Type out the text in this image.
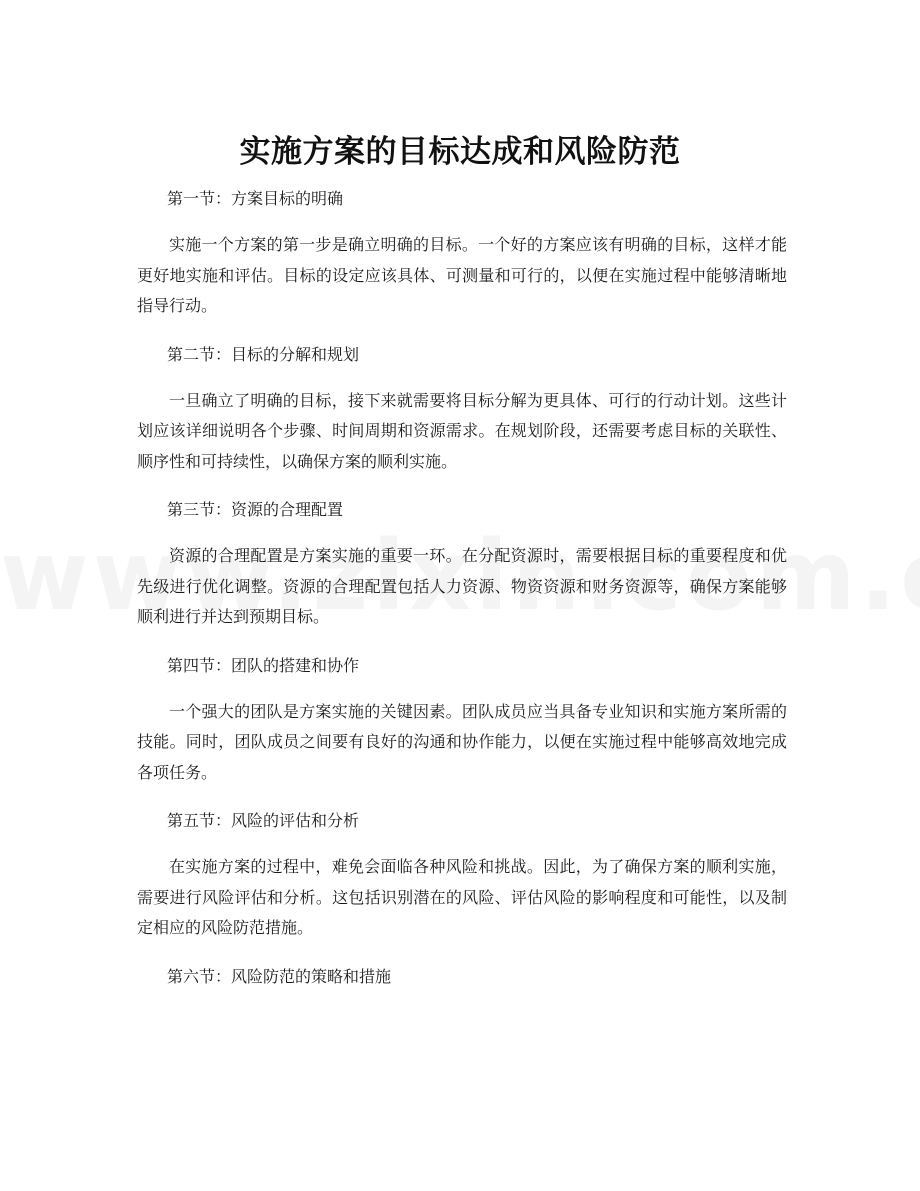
实施方案的目标达成和风险防范

第一节：方案目标的明确

实施一个方案的第一步是确立明确的目标。一个好的方案应该有明确的目标，这样才能更好地实施和评估。目标的设定应该具体、可测量和可行的，以便在实施过程中能够清晰地指导行动。

第二节：目标的分解和规划

一旦确立了明确的目标，接下来就需要将目标分解为更具体、可行的行动计划。这些计划应该详细说明各个步骤、时间周期和资源需求。在规划阶段，还需要考虑目标的关联性、顺序性和可持续性，以确保方案的顺利实施。

第三节：资源的合理配置

资源的合理配置是方案实施的重要一环。在分配资源时，需要根据目标的重要程度和优先级进行优化调整。资源的合理配置包括人力资源、物资资源和财务资源等，确保方案能够顺利进行并达到预期目标。

第四节：团队的搭建和协作

一个强大的团队是方案实施的关键因素。团队成员应当具备专业知识和实施方案所需的技能。同时，团队成员之间要有良好的沟通和协作能力，以便在实施过程中能够高效地完成各项任务。

第五节：风险的评估和分析

在实施方案的过程中，难免会面临各种风险和挑战。因此，为了确保方案的顺利实施，需要进行风险评估和分析。这包括识别潜在的风险、评估风险的影响程度和可能性，以及制定相应的风险防范措施。

第六节：风险防范的策略和措施
